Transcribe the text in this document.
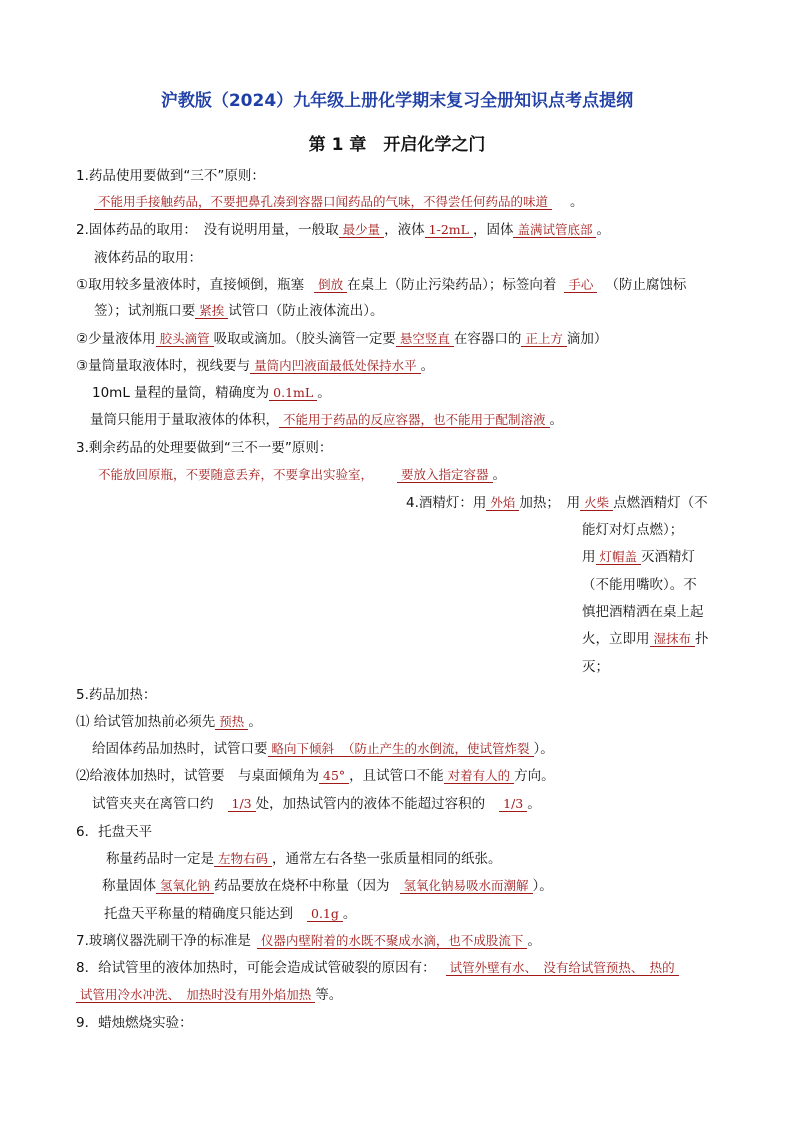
沪教版（2024）九年级上册化学期末复习全册知识点考点提纲
第 1 章　开启化学之门
1.药品使用要做到“三不”原则：
不能用手接触药品，不要把鼻孔凑到容器口闻药品的气味，不得尝任何药品的味道 。
2.固体药品的取用：　没有说明用量，一般取 最少量 ，液体 1-2mL ，固体 盖满试管底部 。
液体药品的取用：
①取用较多量液体时，直接倾倒，瓶塞 倒放 在桌上（防止污染药品）；标签向着 手心 （防止腐蚀标
签）；试剂瓶口要 紧挨 试管口（防止液体流出）。
②少量液体用 胶头滴管 吸取或滴加。（胶头滴管一定要 悬空竖直 在容器口的 正上方 滴加）
③量筒量取液体时，视线要与 量筒内凹液面最低处保持水平 。
10mL 量程的量筒，精确度为 0.1mL 。
量筒只能用于量取液体的体积， 不能用于药品的反应容器，也不能用于配制溶液 。
3.剩余药品的处理要做到“三不一要”原则：
不能放回原瓶，不要随意丢弃，不要拿出实验室， 要放入指定容器 。
4.酒精灯：用 外焰 加热；　用 火柴 点燃酒精灯（不
能灯对灯点燃）；
用 灯帽盖 灭酒精灯
（不能用嘴吹）。不
慎把酒精洒在桌上起
火，立即用 湿抹布 扑
灭；
5.药品加热：
⑴ 给试管加热前必须先 预热 。
给固体药品加热时，试管口要 略向下倾斜 （防止产生的水倒流，使试管炸裂 ）。
⑵给液体加热时，试管要　与桌面倾角为 45° ，且试管口不能 对着有人的 方向。
试管夹夹在离管口约 1/3 处，加热试管内的液体不能超过容积的 1/3 。
6．托盘天平
称量药品时一定是 左物右码 ，通常左右各垫一张质量相同的纸张。
称量固体 氢氧化钠 药品要放在烧杯中称量（因为 氢氧化钠易吸水而潮解 ）。
托盘天平称量的精确度只能达到 0.1g 。
7.玻璃仪器洗刷干净的标准是 仪器内壁附着的水既不聚成水滴，也不成股流下 。
8．给试管里的液体加热时，可能会造成试管破裂的原因有： 试管外壁有水、　没有给试管预热、　热的
试管用冷水冲洗、　加热时没有用外焰加热 等。
9．蜡烛燃烧实验：
